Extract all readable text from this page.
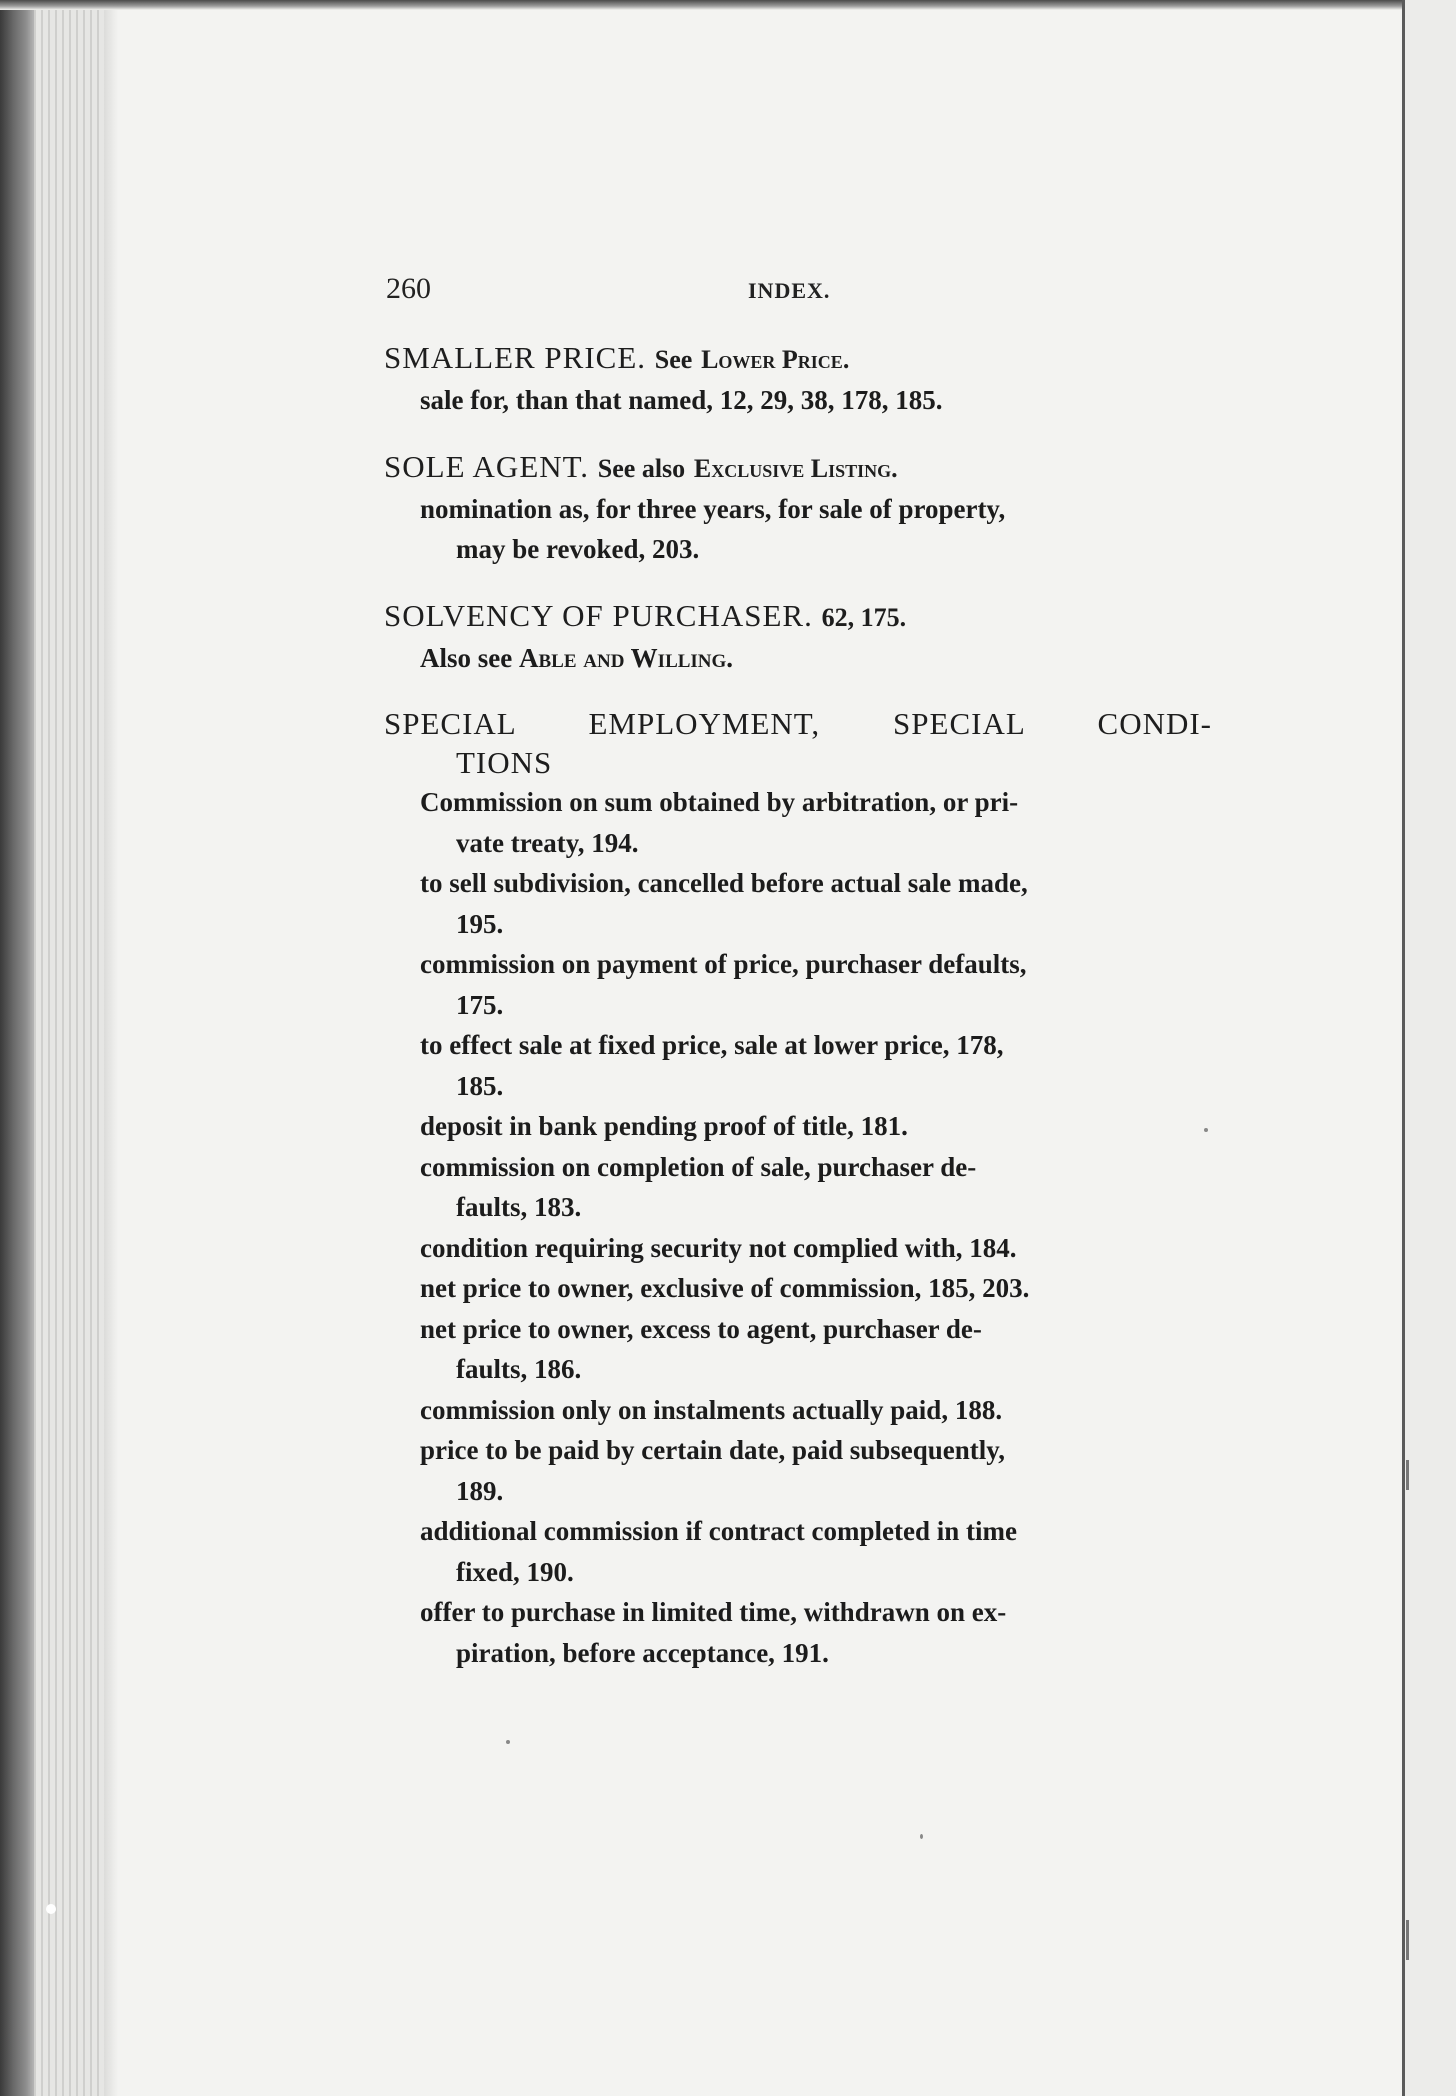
260	INDEX.
SMALLER PRICE. See Lower Price.
sale for, than that named, 12, 29, 38, 178, 185.
SOLE AGENT. See also Exclusive Listing.
nomination as, for three years, for sale of property,
may be revoked, 203.
SOLVENCY OF PURCHASER. 62, 175.
Also see Able and Willing.
SPECIAL EMPLOYMENT, SPECIAL CONDI-
TIONS
Commission on sum obtained by arbitration, or pri-
vate treaty, 194.
to sell subdivision, cancelled before actual sale made,
195.
commission on payment of price, purchaser defaults,
175.
to effect sale at fixed price, sale at lower price, 178,
185.
deposit in bank pending proof of title, 181.
commission on completion of sale, purchaser de-
faults, 183.
condition requiring security not complied with, 184.
net price to owner, exclusive of commission, 185, 203.
net price to owner, excess to agent, purchaser de-
faults, 186.
commission only on instalments actually paid, 188.
price to be paid by certain date, paid subsequently,
189.
additional commission if contract completed in time
fixed, 190.
offer to purchase in limited time, withdrawn on ex-
piration, before acceptance, 191.
